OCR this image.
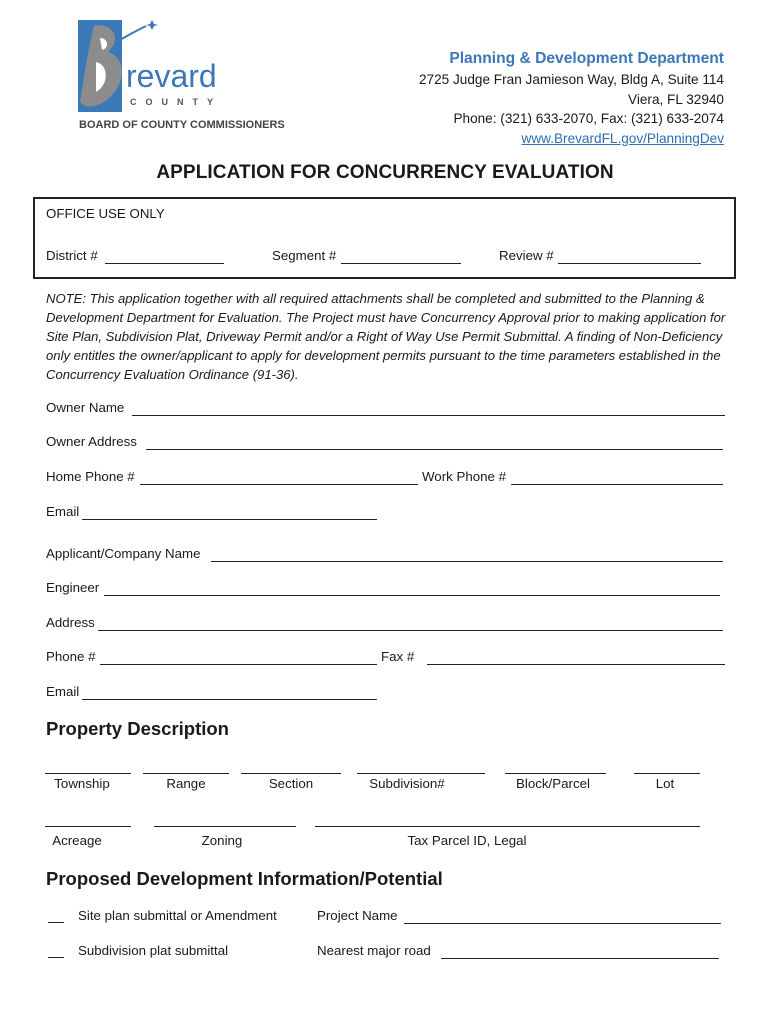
revard
COUNTY
BOARD OF COUNTY COMMISSIONERS
Planning & Development Department
2725 Judge Fran Jamieson Way, Bldg A, Suite 114
Viera, FL 32940
Phone: (321) 633-2070, Fax: (321) 633-2074
www.BrevardFL.gov/PlanningDev
APPLICATION FOR CONCURRENCY EVALUATION
OFFICE USE ONLY
District #	Segment #	Review #
NOTE: This application together with all required attachments shall be completed and submitted to the Planning & Development Department for Evaluation. The Project must have Concurrency Approval prior to making application for Site Plan, Subdivision Plat, Driveway Permit and/or a Right of Way Use Permit Submittal. A finding of Non-Deficiency only entitles the owner/applicant to apply for development permits pursuant to the time parameters established in the Concurrency Evaluation Ordinance (91-36).
Owner Name
Owner Address
Home Phone #	Work Phone #
Email
Applicant/Company Name
Engineer
Address
Phone #	Fax #
Email
Property Description
Township	Range	Section	Subdivision#	Block/Parcel	Lot
Acreage	Zoning	Tax Parcel ID, Legal
Proposed Development Information/Potential
Site plan submittal or Amendment	Project Name
Subdivision plat submittal	Nearest major road
